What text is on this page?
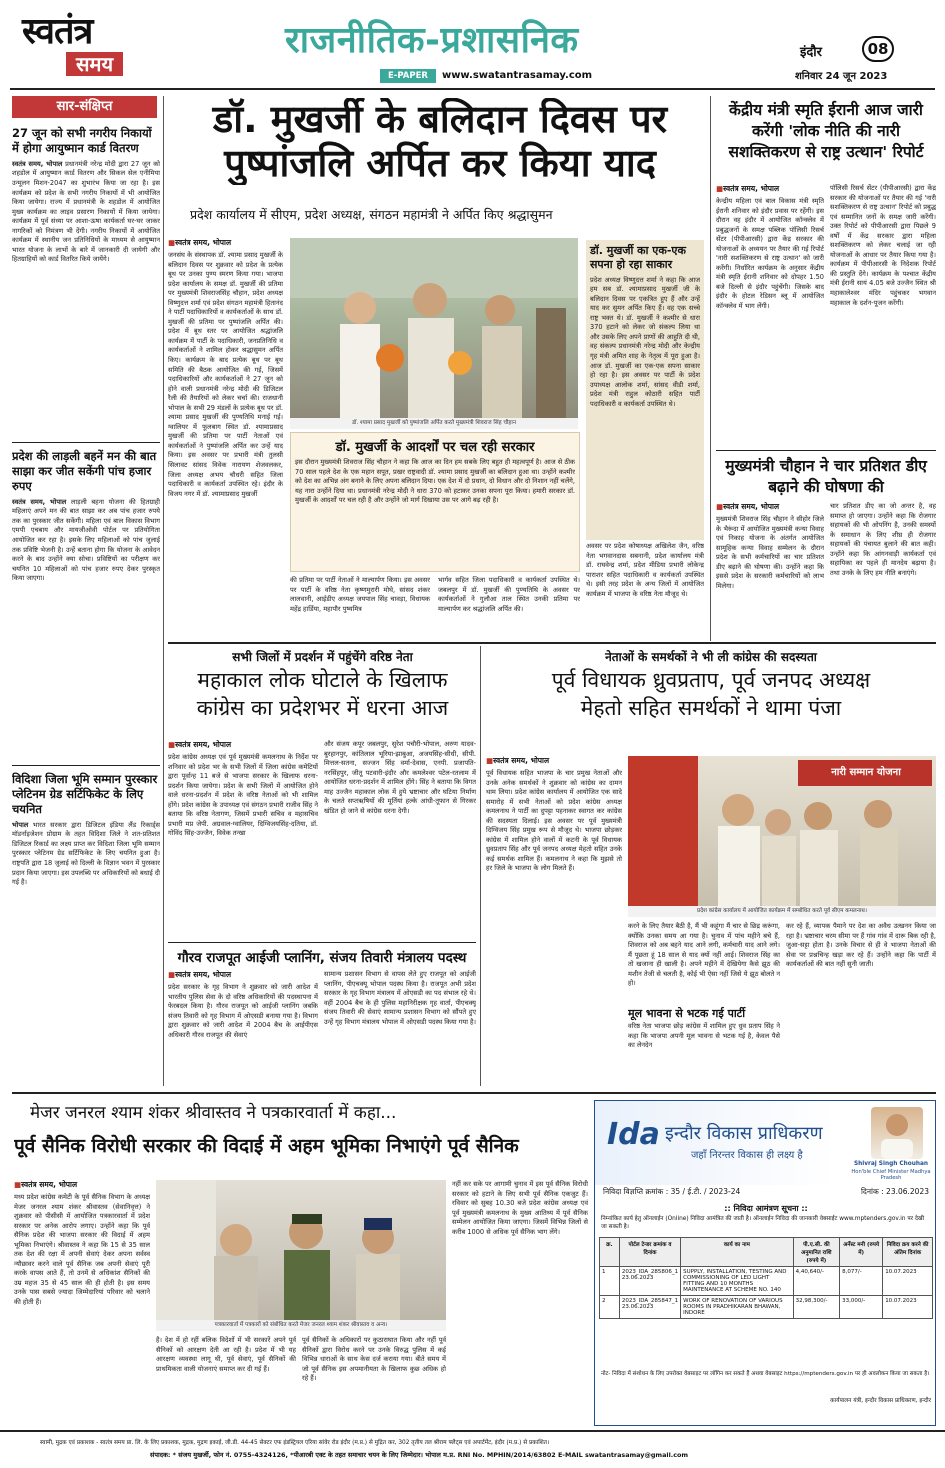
स्वतंत्र
समय
राजनीतिक-प्रशासनिक
E-PAPER	www.swatantrasamay.com
इंदौर	08
शनिवार 24 जून 2023
सार-संक्षिप्त
27 जून को सभी नगरीय निकायों में होगा आयुष्मान कार्ड वितरण
स्वतंत्र समय, भोपाल प्रधानमंत्री नरेन्द्र मोदी द्वारा 27 जून को शहडोल में आयुष्मान कार्ड वितरण और सिकल सेल एनीमिया उन्मूलन मिशन-2047 का शुभारंभ किया जा रहा है। इस कार्यक्रम को प्रदेश के सभी नगरीय निकायों में भी आयोजित किया जायेगा। राज्य में प्रधानमंत्री के शहडोल में आयोजित मुख्य कार्यक्रम का लाइव प्रसारण निकायों में किया जायेगा। कार्यक्रम में पूर्व संध्या पर आशा-ऊषा कार्यकर्ता घर-घर जाकर नागरिकों को निमंत्रण भी देंगी। नगरीय निकायों में आयोजित कार्यक्रम में स्थानीय जन प्रतिनिधियों के माध्यम से आयुष्मान भारत योजना के लाभों के बारे में जानकारी दी जायेगी और हितग्राहियों को कार्ड वितरित किये जायेंगे।
प्रदेश की लाड़ली बहनें मन की बात साझा कर जीत सकेंगी पांच हजार रुपए
स्वतंत्र समय, भोपाल लाड़ली बहना योजना की हितग्राही महिलाएं अपने मन की बात साझा कर अब पांच हजार रुपये तक का पुरस्कार जीत सकेंगी। महिला एवं बाल विकास विभाग एमपी एचबाय और मायजीओवी पोर्टल पर प्रतियोगिता आयोजित कर रहा है। इसके लिए महिलाओं को पांच जुलाई तक प्रविष्टि भेजनी है। उन्हें बताना होगा कि योजना के आवेदन करने के बाद उन्होंने क्या सोचा। प्रविष्टियों का परीक्षण कर चयनित 10 महिलाओं को पांच हजार रुपए देकर पुरस्कृत किया जाएगा।
विदिशा जिला भूमि सम्मान पुरस्कार प्लेटिनम ग्रेड सर्टिफिकेट के लिए चयनित
भोपाल भारत सरकार द्वारा डिजिटल इंडिया लैंड रिकार्ड्स मॉडर्नाइजेशन प्रोग्राम के तहत विदिशा जिले ने शत-प्रतिशत डिजिटल रिकार्ड का लक्ष्य प्राप्त कर विदिशा जिला भूमि सम्मान पुरस्कार प्लेटिनम ग्रेड सर्टिफिकेट के लिए चयनित हुआ है। राष्ट्रपति द्वारा 18 जुलाई को दिल्ली के विज्ञान भवन में पुरस्कार प्रदान किया जाएगा। इस उपलब्धि पर अधिकारियों को बधाई दी गई है।
डॉ. मुखर्जी के बलिदान दिवस पर
पुष्पांजलि अर्पित कर किया याद
प्रदेश कार्यालय में सीएम, प्रदेश अध्यक्ष, संगठन महामंत्री ने अर्पित किए श्रद्धासुमन
■ स्वतंत्र समय, भोपाल
जनसंघ के संस्थापक डॉ. श्यामा प्रसाद मुखर्जी के बलिदान दिवस पर शुक्रवार को प्रदेश के प्रत्येक बूथ पर उनका पुण्य स्मरण किया गया। भाजपा प्रदेश कार्यालय के समक्ष डॉ. मुखर्जी की प्रतिमा पर मुख्यमंत्री शिवराजसिंह चौहान, प्रदेश अध्यक्ष विष्णुदत्त शर्मा एवं प्रदेश संगठन महामंत्री हितानंद ने पार्टी पदाधिकारियों व कार्यकर्ताओं के साथ डॉ. मुखर्जी की प्रतिमा पर पुष्पांजलि अर्पित की। प्रदेश में बूथ स्तर पर आयोजित श्रद्धांजलि कार्यक्रम में पार्टी के पदाधिकारी, जनप्रतिनिधि व कार्यकर्ताओं ने शामिल होकर श्रद्धासुमन अर्पित किए। कार्यक्रम के बाद प्रत्येक बूथ पर बूथ समिति की बैठक आयोजित की गई, जिसमें पदाधिकारियों और कार्यकर्ताओं ने 27 जून को होने वाली प्रधानमंत्री नरेन्द्र मोदी की डिजिटल रैली की तैयारियों को लेकर चर्चा की। राजधानी भोपाल के सभी 29 मंडलों के प्रत्येक बूथ पर डॉ. श्यामा प्रसाद मुखर्जी की पुण्यतिथि मनाई गई। ग्वालियर में फूलबाग स्थित डॉ. श्यामाप्रसाद मुखर्जी की प्रतिमा पर पार्टी नेताओं एवं कार्यकर्ताओं ने पुष्पांजलि अर्पित कर उन्हें याद किया। इस अवसर पर प्रभारी मंत्री तुलसी सिलावट सांसद विवेक नारायण शेजवलकर, जिला अध्यक्ष अभय चौधरी सहित जिला पदाधिकारी व कार्यकर्ता उपस्थित रहे। इंदौर के विजय नगर में डॉ. श्यामाप्रसाद मुखर्जी
डॉ. श्यामा प्रसाद मुखर्जी को पुष्पांजलि अर्पित करते मुख्यमंत्री शिवराज सिंह चौहान
डॉ. मुखर्जी के आदर्शों पर चल रही सरकार
इस दौरान मुख्यमंत्री शिवराज सिंह चौहान ने कहा कि आज का दिन हम सबके लिए बहुत ही महत्वपूर्ण है। आज से ठीक 70 साल पहले देश के एक महान सपूत, प्रखर राष्ट्रवादी डॉ. श्यामा प्रसाद मुखर्जी का बलिदान हुआ था। उन्होंने कश्मीर को देश का अभिन्न अंग बनाने के लिए अपना बलिदान दिया। एक देश में दो प्रधान, दो विधान और दो निशान नहीं चलेंगे, यह नारा उन्होंने दिया था। प्रधानमंत्री नरेन्द्र मोदी ने धारा 370 को हटाकर उनका सपना पूरा किया। हमारी सरकार डॉ. मुखर्जी के आदर्शों पर चल रही है और उन्होंने जो मार्ग दिखाया उस पर आगे बढ़ रही है।
की प्रतिमा पर पार्टी नेताओं ने माल्यार्पण किया। इस अवसर पर पार्टी के वरिष्ठ नेता कृष्णमुरारी मोघे, सांसद शंकर लालवानी, आईडीए अध्यक्ष जयपाल सिंह चावड़ा, विधायक महेंद्र हार्डिया, महापौर पुष्यमित्र
भार्गव सहित जिला पदाधिकारी व कार्यकर्ता उपस्थित थे। जबलपुर में डॉ. मुखर्जी की पुण्यतिथि के अवसर पर कार्यकर्ताओं ने गुलौआ ताल स्थित उनकी प्रतिमा पर माल्यार्पण कर श्रद्धांजलि अर्पित की।
डॉ. मुखर्जी का एक-एक सपना हो रहा साकार
प्रदेश अध्यक्ष विष्णुदत्त शर्मा ने कहा कि आज हम सब डॉ. श्यामाप्रसाद मुखर्जी जी के बलिदान दिवस पर एकत्रित हुए हैं और उन्हें याद कर सुमन अर्पित किए हैं। वह एक सच्चे राष्ट्र भक्त थे। डॉ. मुखर्जी ने कश्मीर से धारा 370 हटाने को लेकर जो संकल्प लिया था और उसके लिए अपने प्राणों की आहुति दी थी, वह संकल्प प्रधानमंत्री नरेन्द्र मोदी और केन्द्रीय गृह मंत्री अमित शाह के नेतृत्व में पूरा हुआ है। आज डॉ. मुखर्जी का एक-एक सपना साकार हो रहा है। इस अवसर पर पार्टी के प्रदेश उपाध्यक्ष आलोक शर्मा, सांसद वीडी शर्मा, प्रदेश मंत्री राहुल कोठारी सहित पार्टी पदाधिकारी व कार्यकर्ता उपस्थित थे।
अवसर पर प्रदेश कोषाध्यक्ष अखिलेश जैन, वरिष्ठ नेता भगवानदास सबनानी, प्रदेश कार्यालय मंत्री डॉ. राघवेन्द्र शर्मा, प्रदेश मीडिया प्रभारी लोकेन्द्र पाराशर सहित पदाधिकारी व कार्यकर्ता उपस्थित थे। इसी तरह प्रदेश के अन्य जिलों में आयोजित कार्यक्रम में भाजपा के वरिष्ठ नेता मौजूद थे।
केंद्रीय मंत्री स्मृति ईरानी आज जारी करेंगी 'लोक नीति की नारी सशक्तिकरण से राष्ट्र उत्थान' रिपोर्ट
■ स्वतंत्र समय, भोपाल
केन्द्रीय महिला एवं बाल विकास मंत्री स्मृति ईरानी शनिवार को इंदौर प्रवास पर रहेंगी। इस दौरान वह इंदौर में आयोजित कॉन्क्लेव में प्रबुद्धजनों के समक्ष पब्लिक पॉलिसी रिसर्च सेंटर (पीपीआरसी) द्वारा केंद्र सरकार की योजनाओं के अध्ययन पर तैयार की गई रिपोर्ट 'नारी सशक्तिकरण से राष्ट्र उत्थान' को जारी करेंगी। निर्धारित कार्यक्रम के अनुसार केंद्रीय मंत्री स्मृति ईरानी शनिवार को दोपहर 1.50 बजे दिल्ली से इंदौर पहुंचेंगी। जिसके बाद इंदौर के होटल रेडिसन ब्लू में आयोजित कॉन्क्लेव में भाग लेंगी।
पॉलिसी रिसर्च सेंटर (पीपीआरसी) द्वारा केंद्र सरकार की योजनाओं पर तैयार की गई 'नारी सशक्तिकरण से राष्ट्र उत्थान' रिपोर्ट को प्रबुद्ध एवं सम्मानित जनों के समक्ष जारी करेंगी। उक्त रिपोर्ट को पीपीआरसी द्वारा पिछले 9 वर्षों में केंद्र सरकार द्वारा महिला सशक्तिकरण को लेकर चलाई जा रही योजनाओं के आधार पर तैयार किया गया है। कार्यक्रम में पीपीआरसी के निदेशक रिपोर्ट की प्रस्तुति देंगे। कार्यक्रम के पश्चात केंद्रीय मंत्री ईरानी सायं 4.05 बजे उज्जैन स्थित श्री महाकालेश्वर मंदिर पहुंचकर भगवान महाकाल के दर्शन-पूजन करेंगी।
मुख्यमंत्री चौहान ने चार प्रतिशत डीए बढ़ाने की घोषणा की
■ स्वतंत्र समय, भोपाल
मुख्यमंत्री शिवराज सिंह चौहान ने सीहोर जिले के भैरूंदा में आयोजित मुख्यमंत्री कन्या विवाह एवं निकाह योजना के अंतर्गत आयोजित सामूहिक कन्या विवाह सम्मेलन के दौरान प्रदेश के सभी कर्मचारियों का चार प्रतिशत डीए बढ़ाने की घोषणा की। उन्होंने कहा कि इससे प्रदेश के सरकारी कर्मचारियों को लाभ मिलेगा।
चार प्रतिशत डीए का जो अन्तर है, वह समाप्त हो जाएगा। उन्होंने कहा कि रोजगार सहायकों की भी ओपनिंग है, उनकी समस्यों के समाधान के लिए शीघ्र ही रोजगार सहायकों की पंचायत बुलाने की बात कही। उन्होंने कहा कि आंगनवाड़ी कार्यकर्ता एवं सहायिका का पहले ही मानदेय बढ़ाया है। तथा उनके के लिए हम नीति बनाएंगे।
सभी जिलों में प्रदर्शन में पहुंचेंगे वरिष्ठ नेता
महाकाल लोक घोटाले के खिलाफ
कांग्रेस का प्रदेशभर में धरना आज
■ स्वतंत्र समय, भोपाल
प्रदेश कांग्रेस अध्यक्ष एवं पूर्व मुख्यमंत्री कमलनाथ के निर्देश पर शनिवार को प्रदेश भर के सभी जिलों में जिला कांग्रेस कमेटियों द्वारा पूर्वान्ह 11 बजे से भाजपा सरकार के खिलाफ धरना-प्रदर्शन किया जायेगा। प्रदेश के सभी जिलों में आयोजित होने वाले धरना-प्रदर्शन में प्रदेश के वरिष्ठ नेताओं को भी शामिल होंगे। प्रदेश कांग्रेस के उपाध्यक्ष एवं संगठन प्रभारी राजीव सिंह ने बताया कि वरिष्ठ नेतागण, जिसमें प्रभारी सचिव व महासचिव प्रभारी मप्र जेपी. अग्रवाल-ग्वालियर, दिग्विजयसिंह-दतिया, डॉ. गोविंद सिंह-उज्जैन, विवेक तन्खा
और संजय कपूर जबलपुर, सुरेश पचौरी-भोपाल, अरुण यादव-बुरहानपुर, कांतिलाल भूरिया-झाबुआ, अजयसिंह-सीधी, सीपी. मित्तल-सतना, सज्जन सिंह वर्मा-देवास, एनपी. प्रजापति-नरसिंहपुर, जीतू पटवारी-इंदौर और कमलेश्वर पटेल-रतलाम में आयोजित धरना-प्रदर्शन में शामिल होंगे। सिंह ने बताया कि विगत माह उज्जैन महाकाल लोक में हुये भ्रष्टाचार और घटिया निर्माण के चलते सप्तऋषियों की मूर्तियां हल्के आंधी-तूफान से गिरकर खंडित हो जाने से कांग्रेस धरना देगी।
गौरव राजपूत आईजी प्लानिंग, संजय तिवारी मंत्रालय पदस्थ
■ स्वतंत्र समय, भोपाल
प्रदेश सरकार के गृह विभाग ने शुक्रवार को जारी आदेश में भारतीय पुलिस सेवा के दो वरिष्ठ अधिकारियों की पदस्थापना में फेरबदल किया है। गौरव राजपूत को आईजी प्लानिंग जबकि संजय तिवारी को गृह विभाग में ओएसडी बनाया गया है। विभाग द्वारा शुक्रवार को जारी आदेश में 2004 बैच के आईपीएस अधिकारी गौरव राजपूत की सेवाएं
सामान्य प्रशासन विभाग से वापस लेते हुए राजपूत को आईजी प्लानिंग, पीएचक्यू भोपाल पदस्थ किया है। राजपूत अभी प्रदेश सरकार के गृह विभाग मंत्रालय में ओएसडी का पद संभाल रहे थे। वहीं 2004 बैच के ही पुलिस महानिरीक्षक गृह वार्ता, पीएचक्यू संजय तिवारी की सेवाएं सामान्य प्रशासन विभाग को सौंपते हुए उन्हें गृह विभाग मंत्रालय भोपाल में ओएसडी पदस्थ किया गया है।
नेताओं के समर्थकों ने भी ली कांग्रेस की सदस्यता
पूर्व विधायक ध्रुवप्रताप, पूर्व जनपद अध्यक्ष
मेहतो सहित समर्थकों ने थामा पंजा
■ स्वतंत्र समय, भोपाल
पूर्व विधायक सहित भाजपा के चार प्रमुख नेताओं और उनके अनेक समर्थकों ने शुक्रवार को कांग्रेस का दामन थाम लिया। प्रदेश कांग्रेस कार्यालय में आयोजित एक सादे समारोह में सभी नेताओं को प्रदेश कांग्रेस अध्यक्ष कमलनाथ ने पार्टी का दुपट्टा पहनाकर स्वागत कर कांग्रेस की सदस्यता दिलाई। इस अवसर पर पूर्व मुख्यमंत्री दिग्विजय सिंह प्रमुख रूप से मौजूद थे। भाजपा छोड़कर कांग्रेस में शामिल होने वालों में कटनी के पूर्व विधायक ध्रुवप्रताप सिंह और पूर्व जनपद अध्यक्ष मेहतो सहित उनके कई समर्थक शामिल हैं। कमलनाथ ने कहा कि मुझसे तो हर जिले के भाजपा के लोग मिलते हैं।
नारी सम्मान योजना
प्रदेश कांग्रेस कार्यालय में आयोजित कार्यक्रम में सम्बोधित करते पूर्व सीएम कमलनाथ।
करने के लिए तैयार बैठी है, मैं भी कहूंगा मैं चार से छिद्र करूंगा, क्योंकि उनका समय आ गया है। चुनाव में पांच महीने बचे हैं, शिवराज को अब बहने याद आने लगी, कर्मचारी याद आने लगे। मैं पूछता हूं 18 साल से याद क्यों नहीं आई। शिवराज सिंह का तो खजाना ही खाली है। अपने महीने में देखियेगा कैसे झूठ की मशीन तेजी से चलती है, कोई भी ऐसा नहीं जिसे ये झूठ बोलते न हो।
मूल भावना से भटक गई पार्टी
वरिष्ठ नेता भाजपा छोड़ कांग्रेस में शामिल हुए धुव प्रताप सिंह ने कहा कि भाजपा अपनी मूल भावना से भटक गई है, केवल पैसे का लेनदेन
कर रहे हैं, व्यापक पैमाने पर देश का अवैध उत्खनन किया जा रहा है। भ्रष्टाचार चरम सीमा पर हैं गांव गांव में दारू बिक रही है, जुआ-सट्टा होता है। उनके विचार से ही वे भाजपा नेताओं की सेवा पर प्रश्नचिन्ह खड़ा कर रहे हैं। उन्होंने कहा कि पार्टी में कार्यकर्ताओं की बात नहीं सुनी जाती।
मेजर जनरल श्याम शंकर श्रीवास्तव ने पत्रकारवार्ता में कहा...
पूर्व सैनिक विरोधी सरकार की विदाई में अहम भूमिका निभाएंगे पूर्व सैनिक
■ स्वतंत्र समय, भोपाल
मध्य प्रदेश कांग्रेस कमेटी के पूर्व सैनिक विभाग के अध्यक्ष मेजर जनरल श्याम शंकर श्रीवास्तव (सेवानिवृत्त) ने शुक्रवार को पीसीसी में आयोजित पत्रकारवार्ता में प्रदेश सरकार पर अनेक आरोप लगाए। उन्होंने कहा कि पूर्व सैनिक प्रदेश की भाजपा सरकार की विदाई में अहम भूमिका निभाएंगे। श्रीवास्तव ने कहा कि 15 से 35 साल तक देश की रक्षा में अपनी सेवाएं देकर अपना सर्वस्व न्यौछावर करने वाले पूर्व सैनिक जब अपनी सेवाएं पूरी करके वापस आते हैं, तो उनमें से अधिकांश सैनिकों की उम्र महज 35 से 45 साल की ही होती है। इस समय उनके पास सबसे ज्यादा जिम्मेदारियां परिवार को चलाने की होती हैं।
पत्रकारवार्ता में पत्रकारों को संबोधित करते मेजर जनरल श्याम शंकर श्रीवास्तव व अन्य।
है। देश में हो रहीं बलिक विदेशों में भी सरकारें अपने पूर्व सैनिकों को आरक्षण देती आ रही है। प्रदेश में भी यह आरक्षण व्यवस्था लागू थी, पूर्व सेवाएं, पूर्व सैनिकों की प्राथमिकता वाली योजनाएं समाप्त कर दी गई हैं।
पूर्व सैनिकों के अधिकारों पर कुठाराघात किया और नहीं पूर्व सैनिकों द्वारा विरोध करने पर उनके विरुद्ध पुलिस में कई विभिन्न धाराओं के साथ केस दर्ज कराया गया। बीते समय में जो पूर्व सैनिक इस अपमानीयता के खिलाफ कुछ अधिक हो रहे हैं।
नहीं कर सके पर आगामी चुनाव में इस पूर्व सैनिक विरोधी सरकार को हटाने के लिए सभी पूर्व सैनिक एकजुट हैं। रविवार को सुबह 10.30 बजे प्रदेश कांग्रेस अध्यक्ष एवं पूर्व मुख्यमंत्री कमलनाथ के मुख्य आतिथ्य में पूर्व सैनिक सम्मेलन आयोजित किया जाएगा। जिसमें विभिन्न जिलों से करीब 1000 से अधिक पूर्व सैनिक भाग लेंगे।
Ida इन्दौर विकास प्राधिकरण
जहाँ निरन्तर विकास ही लक्ष्य है
Shivraj Singh Chouhan
Hon'ble Chief Minister Madhya Pradesh
निविदा विज्ञप्ति क्रमांक : 35 / ई.टी. / 2023-24	दिनांक : 23.06.2023
:: निविदा आमंत्रण सूचना ::
निम्नांकित कार्य हेतु ऑनलाईन (Online) निविदा आमंत्रित की जाती है। ऑनलाईन निविदा की जानकारी वेबसाईट www.mptenders.gov.in पर देखी जा सकती है।
क्र.	पोर्टल टेन्डर क्रमांक व दिनांक	कार्य का नाम	पी.ए.सी. की अनुमानित राशि (रुपये में)	अर्नेस्ट मनी (रुपये में)	निविदा क्रय करने की अंतिम दिनांक
1	2023_IDA_285806_1 23.06.2023	SUPPLY, INSTALLATION, TESTING AND COMMISSIONING OF LED LIGHT FITTING AND 10 MONTHS MAINTENANCE AT SCHEME NO. 140	4,40,640/-	8,077/-	10.07.2023
2	2023_IDA_285847_1 23.06.2023	WORK OF RENOVATION OF VARIOUS ROOMS IN PRADHIKARAN BHAWAN, INDORE	32,98,300/-	33,000/-	10.07.2023
नोट- निविदा में संशोधन के लिए उपरोक्त वेबसाइट पर लॉगिन कर सकते हैं अथवा वेबसाइट https://mptenders.gov.in पर ही अवलोकन किया जा सकता है।
कार्यपालन यंत्री, इन्दौर विकास प्राधिकरण, इन्दौर
स्वामी, मुद्रक एवं प्रकाशक - स्वतंत्र समय प्रा. लि. के लिए प्रकाशक, मुद्रक, मुद्रण इकाई, जी.डी. 44-45 सेक्टर एफ इंडस्ट्रियल एरिया सांवेर रोड इंदौर (म.प्र.) से मुद्रित कर, 302 तृतीय तल श्रीराम फ्लैट्स एवं अपार्टमेंट, इंदौर (म.प्र.) से प्रकाशित।
संपादक: * संजय मुखर्जी, फोन नं. 0755-4324126, *पीआरबी एक्ट के तहत समाचार चयन के लिए जिम्मेदार। भोपाल म.प्र. RNI No. MPHIN/2014/63802 E-MAIL swatantrasamay@gmail.com
